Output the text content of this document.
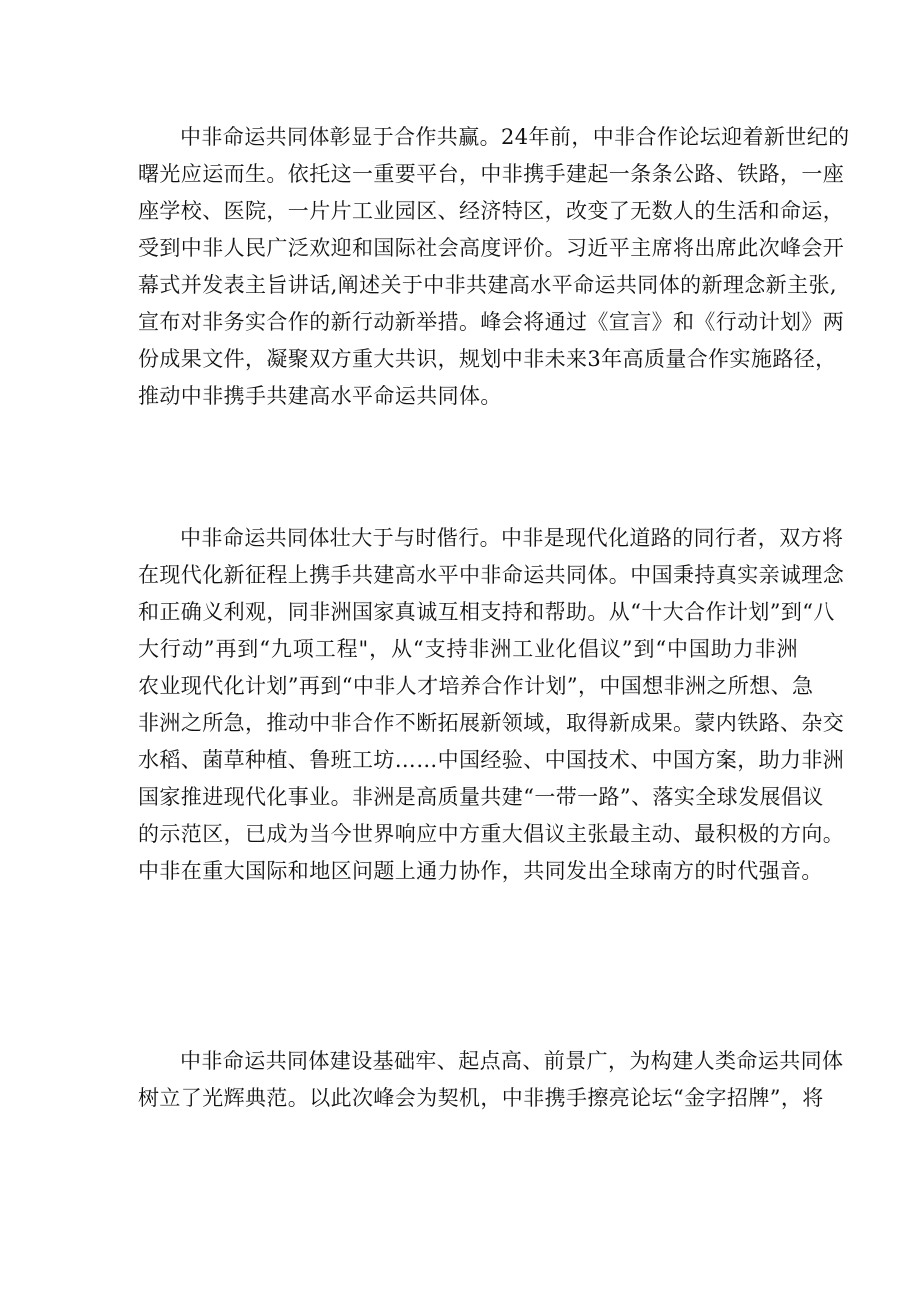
中非命运共同体彰显于合作共赢。24年前，中非合作论坛迎着新世纪的
曙光应运而生。依托这一重要平台，中非携手建起一条条公路、铁路，一座
座学校、医院，一片片工业园区、经济特区，改变了无数人的生活和命运，
受到中非人民广泛欢迎和国际社会高度评价。习近平主席将出席此次峰会开
幕式并发表主旨讲话,阐述关于中非共建高水平命运共同体的新理念新主张,
宣布对非务实合作的新行动新举措。峰会将通过《宣言》和《行动计划》两
份成果文件，凝聚双方重大共识，规划中非未来3年高质量合作实施路径，
推动中非携手共建高水平命运共同体。
中非命运共同体壮大于与时偕行。中非是现代化道路的同行者，双方将
在现代化新征程上携手共建高水平中非命运共同体。中国秉持真实亲诚理念
和正确义利观，同非洲国家真诚互相支持和帮助。从“十大合作计划”到“八
大行动”再到“九项工程"，从“支持非洲工业化倡议”到“中国助力非洲
农业现代化计划”再到“中非人才培养合作计划”，中国想非洲之所想、急
非洲之所急，推动中非合作不断拓展新领域，取得新成果。蒙内铁路、杂交
水稻、菌草种植、鲁班工坊……中国经验、中国技术、中国方案，助力非洲
国家推进现代化事业。非洲是高质量共建“一带一路”、落实全球发展倡议
的示范区，已成为当今世界响应中方重大倡议主张最主动、最积极的方向。
中非在重大国际和地区问题上通力协作，共同发出全球南方的时代强音。
中非命运共同体建设基础牢、起点高、前景广，为构建人类命运共同体
树立了光辉典范。以此次峰会为契机，中非携手擦亮论坛“金字招牌”，将
